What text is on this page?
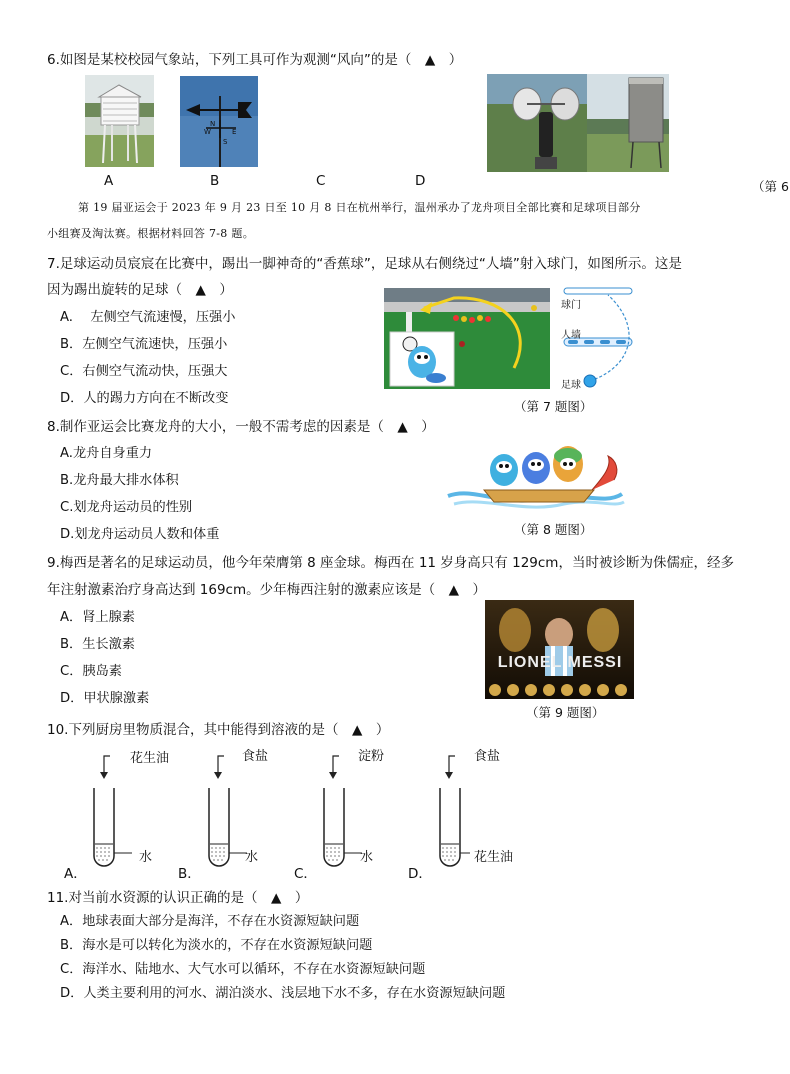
6.如图是某校校园气象站，下列工具可作为观测“风向”的是（　▲　）
N
E
W
S
A	B	C	D	（第 6
第 19 届亚运会于 2023 年 9 月 23 日至 10 月 8 日在杭州举行，温州承办了龙舟项目全部比赛和足球项目部分
小组赛及淘汰赛。根据材料回答 7-8 题。
7.足球运动员宸宸在比赛中，踢出一脚神奇的“香蕉球”，足球从右侧绕过“人墙”射入球门，如图所示。这是
因为踢出旋转的足球（　▲　）
A.　 左侧空气流速慢，压强小
B．左侧空气流速快，压强小
C．右侧空气流动快，压强大
D．人的踢力方向在不断改变
球门
人墙
足球
（第 7 题图）
8.制作亚运会比赛龙舟的大小，一般不需考虑的因素是（　▲　）
A.龙舟自身重力
B.龙舟最大排水体积
C.划龙舟运动员的性别
D.划龙舟运动员人数和体重	（第 8 题图）
9.梅西是著名的足球运动员，他今年荣膺第 8 座金球。梅西在 11 岁身高只有 129cm，当时被诊断为侏儒症，经多
年注射激素治疗身高达到 169cm。少年梅西注射的激素应该是（　▲　）
A．肾上腺素
B．生长激素
C．胰岛素
D．甲状腺激素
LIONEL MESSI
（第 9 题图）
10.下列厨房里物质混合，其中能得到溶液的是（　▲　）
花生油
水
A．
食盐
水
B．
淀粉
水
C．
食盐
花生油
D．
11.对当前水资源的认识正确的是（　▲　）
A．地球表面大部分是海洋，不存在水资源短缺问题
B．海水是可以转化为淡水的，不存在水资源短缺问题
C．海洋水、陆地水、大气水可以循环，不存在水资源短缺问题
D．人类主要利用的河水、湖泊淡水、浅层地下水不多，存在水资源短缺问题
